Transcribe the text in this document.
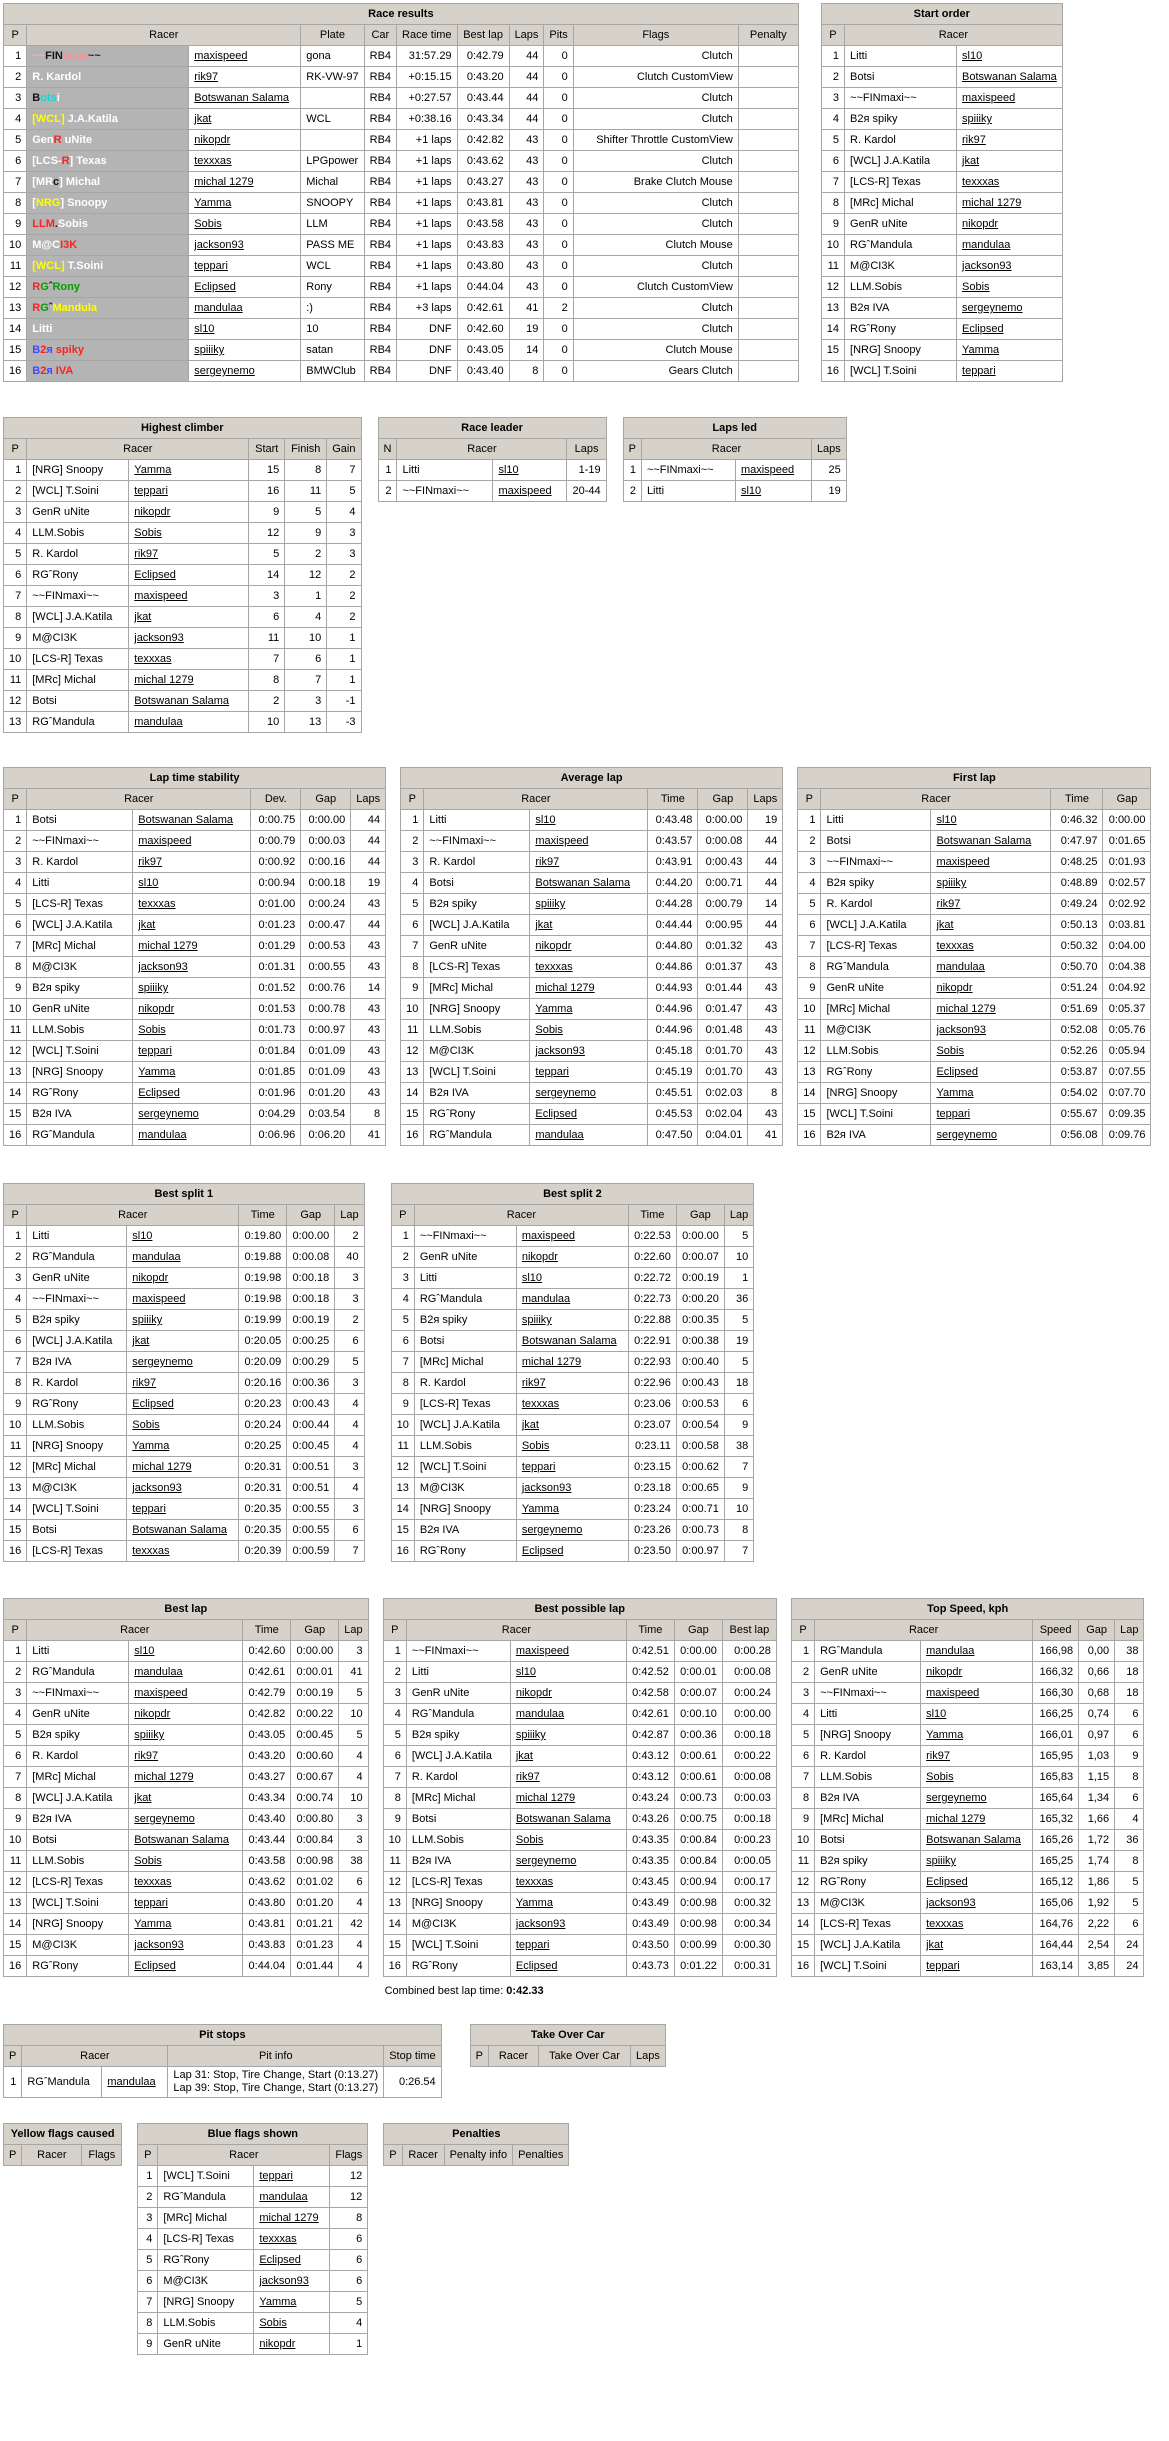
Race results										
P	Racer		Plate	Car	Race time	Best lap	Laps	Pits	Flags	Penalty
1	~~FINmaxi~~	maxispeed	gona	RB4	31:57.29	0:42.79	44	0	Clutch	
2	R. Kardol	rik97	RK-VW-97	RB4	+0:15.15	0:43.20	44	0	Clutch CustomView	
3	Botsi	Botswanan Salama		RB4	+0:27.57	0:43.44	44	0	Clutch	
4	[WCL] J.A.Katila	jkat	WCL	RB4	+0:38.16	0:43.34	44	0	Clutch	
5	GenR uNite	nikopdr		RB4	+1 laps	0:42.82	43	0	Shifter Throttle CustomView	
6	[LCS-R] Texas	texxxas	LPGpower	RB4	+1 laps	0:43.62	43	0	Clutch	
7	[MRc] Michal	michal 1279	Michal	RB4	+1 laps	0:43.27	43	0	Brake Clutch Mouse	
8	[NRG] Snoopy	Yamma	SNOOPY	RB4	+1 laps	0:43.81	43	0	Clutch	
9	LLM.Sobis	Sobis	LLM	RB4	+1 laps	0:43.58	43	0	Clutch	
10	M@CI3K	jackson93	PASS ME	RB4	+1 laps	0:43.83	43	0	Clutch Mouse	
11	[WCL] T.Soini	teppari	WCL	RB4	+1 laps	0:43.80	43	0	Clutch	
12	RGˆRony	Eclipsed	Rony	RB4	+1 laps	0:44.04	43	0	Clutch CustomView	
13	RGˆMandula	mandulaa	:)	RB4	+3 laps	0:42.61	41	2	Clutch	
14	Litti	sl10	10	RB4	DNF	0:42.60	19	0	Clutch	
15	B2ᴙ spiky	spiiiky	satan	RB4	DNF	0:43.05	14	0	Clutch Mouse	
16	B2ᴙ IVA	sergeynemo	BMWClub	RB4	DNF	0:43.40	8	0	Gears Clutch	
Start order		
P	Racer	
1	Litti	sl10
2	Botsi	Botswanan Salama
3	~~FINmaxi~~	maxispeed
4	B2ᴙ spiky	spiiiky
5	R. Kardol	rik97
6	[WCL] J.A.Katila	jkat
7	[LCS-R] Texas	texxxas
8	[MRc] Michal	michal 1279
9	GenR uNite	nikopdr
10	RGˆMandula	mandulaa
11	M@CI3K	jackson93
12	LLM.Sobis	Sobis
13	B2ᴙ IVA	sergeynemo
14	RGˆRony	Eclipsed
15	[NRG] Snoopy	Yamma
16	[WCL] T.Soini	teppari
Highest climber					
P	Racer		Start	Finish	Gain
1	[NRG] Snoopy	Yamma	15	8	7
2	[WCL] T.Soini	teppari	16	11	5
3	GenR uNite	nikopdr	9	5	4
4	LLM.Sobis	Sobis	12	9	3
5	R. Kardol	rik97	5	2	3
6	RGˆRony	Eclipsed	14	12	2
7	~~FINmaxi~~	maxispeed	3	1	2
8	[WCL] J.A.Katila	jkat	6	4	2
9	M@CI3K	jackson93	11	10	1
10	[LCS-R] Texas	texxxas	7	6	1
11	[MRc] Michal	michal 1279	8	7	1
12	Botsi	Botswanan Salama	2	3	-1
13	RGˆMandula	mandulaa	10	13	-3
Race leader			
N	Racer		Laps
1	Litti	sl10	1-19
2	~~FINmaxi~~	maxispeed	20-44
Laps led			
P	Racer		Laps
1	~~FINmaxi~~	maxispeed	25
2	Litti	sl10	19
Lap time stability					
P	Racer		Dev.	Gap	Laps
1	Botsi	Botswanan Salama	0:00.75	0:00.00	44
2	~~FINmaxi~~	maxispeed	0:00.79	0:00.03	44
3	R. Kardol	rik97	0:00.92	0:00.16	44
4	Litti	sl10	0:00.94	0:00.18	19
5	[LCS-R] Texas	texxxas	0:01.00	0:00.24	43
6	[WCL] J.A.Katila	jkat	0:01.23	0:00.47	44
7	[MRc] Michal	michal 1279	0:01.29	0:00.53	43
8	M@CI3K	jackson93	0:01.31	0:00.55	43
9	B2ᴙ spiky	spiiiky	0:01.52	0:00.76	14
10	GenR uNite	nikopdr	0:01.53	0:00.78	43
11	LLM.Sobis	Sobis	0:01.73	0:00.97	43
12	[WCL] T.Soini	teppari	0:01.84	0:01.09	43
13	[NRG] Snoopy	Yamma	0:01.85	0:01.09	43
14	RGˆRony	Eclipsed	0:01.96	0:01.20	43
15	B2ᴙ IVA	sergeynemo	0:04.29	0:03.54	8
16	RGˆMandula	mandulaa	0:06.96	0:06.20	41
Average lap					
P	Racer		Time	Gap	Laps
1	Litti	sl10	0:43.48	0:00.00	19
2	~~FINmaxi~~	maxispeed	0:43.57	0:00.08	44
3	R. Kardol	rik97	0:43.91	0:00.43	44
4	Botsi	Botswanan Salama	0:44.20	0:00.71	44
5	B2ᴙ spiky	spiiiky	0:44.28	0:00.79	14
6	[WCL] J.A.Katila	jkat	0:44.44	0:00.95	44
7	GenR uNite	nikopdr	0:44.80	0:01.32	43
8	[LCS-R] Texas	texxxas	0:44.86	0:01.37	43
9	[MRc] Michal	michal 1279	0:44.93	0:01.44	43
10	[NRG] Snoopy	Yamma	0:44.96	0:01.47	43
11	LLM.Sobis	Sobis	0:44.96	0:01.48	43
12	M@CI3K	jackson93	0:45.18	0:01.70	43
13	[WCL] T.Soini	teppari	0:45.19	0:01.70	43
14	B2ᴙ IVA	sergeynemo	0:45.51	0:02.03	8
15	RGˆRony	Eclipsed	0:45.53	0:02.04	43
16	RGˆMandula	mandulaa	0:47.50	0:04.01	41
First lap				
P	Racer		Time	Gap
1	Litti	sl10	0:46.32	0:00.00
2	Botsi	Botswanan Salama	0:47.97	0:01.65
3	~~FINmaxi~~	maxispeed	0:48.25	0:01.93
4	B2ᴙ spiky	spiiiky	0:48.89	0:02.57
5	R. Kardol	rik97	0:49.24	0:02.92
6	[WCL] J.A.Katila	jkat	0:50.13	0:03.81
7	[LCS-R] Texas	texxxas	0:50.32	0:04.00
8	RGˆMandula	mandulaa	0:50.70	0:04.38
9	GenR uNite	nikopdr	0:51.24	0:04.92
10	[MRc] Michal	michal 1279	0:51.69	0:05.37
11	M@CI3K	jackson93	0:52.08	0:05.76
12	LLM.Sobis	Sobis	0:52.26	0:05.94
13	RGˆRony	Eclipsed	0:53.87	0:07.55
14	[NRG] Snoopy	Yamma	0:54.02	0:07.70
15	[WCL] T.Soini	teppari	0:55.67	0:09.35
16	B2ᴙ IVA	sergeynemo	0:56.08	0:09.76
Best split 1					
P	Racer		Time	Gap	Lap
1	Litti	sl10	0:19.80	0:00.00	2
2	RGˆMandula	mandulaa	0:19.88	0:00.08	40
3	GenR uNite	nikopdr	0:19.98	0:00.18	3
4	~~FINmaxi~~	maxispeed	0:19.98	0:00.18	3
5	B2ᴙ spiky	spiiiky	0:19.99	0:00.19	2
6	[WCL] J.A.Katila	jkat	0:20.05	0:00.25	6
7	B2ᴙ IVA	sergeynemo	0:20.09	0:00.29	5
8	R. Kardol	rik97	0:20.16	0:00.36	3
9	RGˆRony	Eclipsed	0:20.23	0:00.43	4
10	LLM.Sobis	Sobis	0:20.24	0:00.44	4
11	[NRG] Snoopy	Yamma	0:20.25	0:00.45	4
12	[MRc] Michal	michal 1279	0:20.31	0:00.51	3
13	M@CI3K	jackson93	0:20.31	0:00.51	4
14	[WCL] T.Soini	teppari	0:20.35	0:00.55	3
15	Botsi	Botswanan Salama	0:20.35	0:00.55	6
16	[LCS-R] Texas	texxxas	0:20.39	0:00.59	7
Best split 2					
P	Racer		Time	Gap	Lap
1	~~FINmaxi~~	maxispeed	0:22.53	0:00.00	5
2	GenR uNite	nikopdr	0:22.60	0:00.07	10
3	Litti	sl10	0:22.72	0:00.19	1
4	RGˆMandula	mandulaa	0:22.73	0:00.20	36
5	B2ᴙ spiky	spiiiky	0:22.88	0:00.35	5
6	Botsi	Botswanan Salama	0:22.91	0:00.38	19
7	[MRc] Michal	michal 1279	0:22.93	0:00.40	5
8	R. Kardol	rik97	0:22.96	0:00.43	18
9	[LCS-R] Texas	texxxas	0:23.06	0:00.53	6
10	[WCL] J.A.Katila	jkat	0:23.07	0:00.54	9
11	LLM.Sobis	Sobis	0:23.11	0:00.58	38
12	[WCL] T.Soini	teppari	0:23.15	0:00.62	7
13	M@CI3K	jackson93	0:23.18	0:00.65	9
14	[NRG] Snoopy	Yamma	0:23.24	0:00.71	10
15	B2ᴙ IVA	sergeynemo	0:23.26	0:00.73	8
16	RGˆRony	Eclipsed	0:23.50	0:00.97	7
Best lap					
P	Racer		Time	Gap	Lap
1	Litti	sl10	0:42.60	0:00.00	3
2	RGˆMandula	mandulaa	0:42.61	0:00.01	41
3	~~FINmaxi~~	maxispeed	0:42.79	0:00.19	5
4	GenR uNite	nikopdr	0:42.82	0:00.22	10
5	B2ᴙ spiky	spiiiky	0:43.05	0:00.45	5
6	R. Kardol	rik97	0:43.20	0:00.60	4
7	[MRc] Michal	michal 1279	0:43.27	0:00.67	4
8	[WCL] J.A.Katila	jkat	0:43.34	0:00.74	10
9	B2ᴙ IVA	sergeynemo	0:43.40	0:00.80	3
10	Botsi	Botswanan Salama	0:43.44	0:00.84	3
11	LLM.Sobis	Sobis	0:43.58	0:00.98	38
12	[LCS-R] Texas	texxxas	0:43.62	0:01.02	6
13	[WCL] T.Soini	teppari	0:43.80	0:01.20	4
14	[NRG] Snoopy	Yamma	0:43.81	0:01.21	42
15	M@CI3K	jackson93	0:43.83	0:01.23	4
16	RGˆRony	Eclipsed	0:44.04	0:01.44	4
Best possible lap					
P	Racer		Time	Gap	Best lap
1	~~FINmaxi~~	maxispeed	0:42.51	0:00.00	0:00.28
2	Litti	sl10	0:42.52	0:00.01	0:00.08
3	GenR uNite	nikopdr	0:42.58	0:00.07	0:00.24
4	RGˆMandula	mandulaa	0:42.61	0:00.10	0:00.00
5	B2ᴙ spiky	spiiiky	0:42.87	0:00.36	0:00.18
6	[WCL] J.A.Katila	jkat	0:43.12	0:00.61	0:00.22
7	R. Kardol	rik97	0:43.12	0:00.61	0:00.08
8	[MRc] Michal	michal 1279	0:43.24	0:00.73	0:00.03
9	Botsi	Botswanan Salama	0:43.26	0:00.75	0:00.18
10	LLM.Sobis	Sobis	0:43.35	0:00.84	0:00.23
11	B2ᴙ IVA	sergeynemo	0:43.35	0:00.84	0:00.05
12	[LCS-R] Texas	texxxas	0:43.45	0:00.94	0:00.17
13	[NRG] Snoopy	Yamma	0:43.49	0:00.98	0:00.32
14	M@CI3K	jackson93	0:43.49	0:00.98	0:00.34
15	[WCL] T.Soini	teppari	0:43.50	0:00.99	0:00.30
16	RGˆRony	Eclipsed	0:43.73	0:01.22	0:00.31

Combined best lap time: 0:42.33

Top Speed, kph					
P	Racer		Speed	Gap	Lap
1	RGˆMandula	mandulaa	166,98	0,00	38
2	GenR uNite	nikopdr	166,32	0,66	18
3	~~FINmaxi~~	maxispeed	166,30	0,68	18
4	Litti	sl10	166,25	0,74	6
5	[NRG] Snoopy	Yamma	166,01	0,97	6
6	R. Kardol	rik97	165,95	1,03	9
7	LLM.Sobis	Sobis	165,83	1,15	8
8	B2ᴙ IVA	sergeynemo	165,64	1,34	6
9	[MRc] Michal	michal 1279	165,32	1,66	4
10	Botsi	Botswanan Salama	165,26	1,72	36
11	B2ᴙ spiky	spiiiky	165,25	1,74	8
12	RGˆRony	Eclipsed	165,12	1,86	5
13	M@CI3K	jackson93	165,06	1,92	5
14	[LCS-R] Texas	texxxas	164,76	2,22	6
15	[WCL] J.A.Katila	jkat	164,44	2,54	24
16	[WCL] T.Soini	teppari	163,14	3,85	24
Pit stops				
P	Racer		Pit info	Stop time
1	RGˆMandula	mandulaa	Lap 31: Stop, Tire Change, Start (0:13.27)
Lap 39: Stop, Tire Change, Start (0:13.27)	0:26.54
Take Over Car
P	Racer	Take Over Car	Laps
Yellow flags caused
P	Racer	Flags
Blue flags shown			
P	Racer		Flags
1	[WCL] T.Soini	teppari	12
2	RGˆMandula	mandulaa	12
3	[MRc] Michal	michal 1279	8
4	[LCS-R] Texas	texxxas	6
5	RGˆRony	Eclipsed	6
6	M@CI3K	jackson93	6
7	[NRG] Snoopy	Yamma	5
8	LLM.Sobis	Sobis	4
9	GenR uNite	nikopdr	1
Penalties
P	Racer	Penalty info	Penalties
